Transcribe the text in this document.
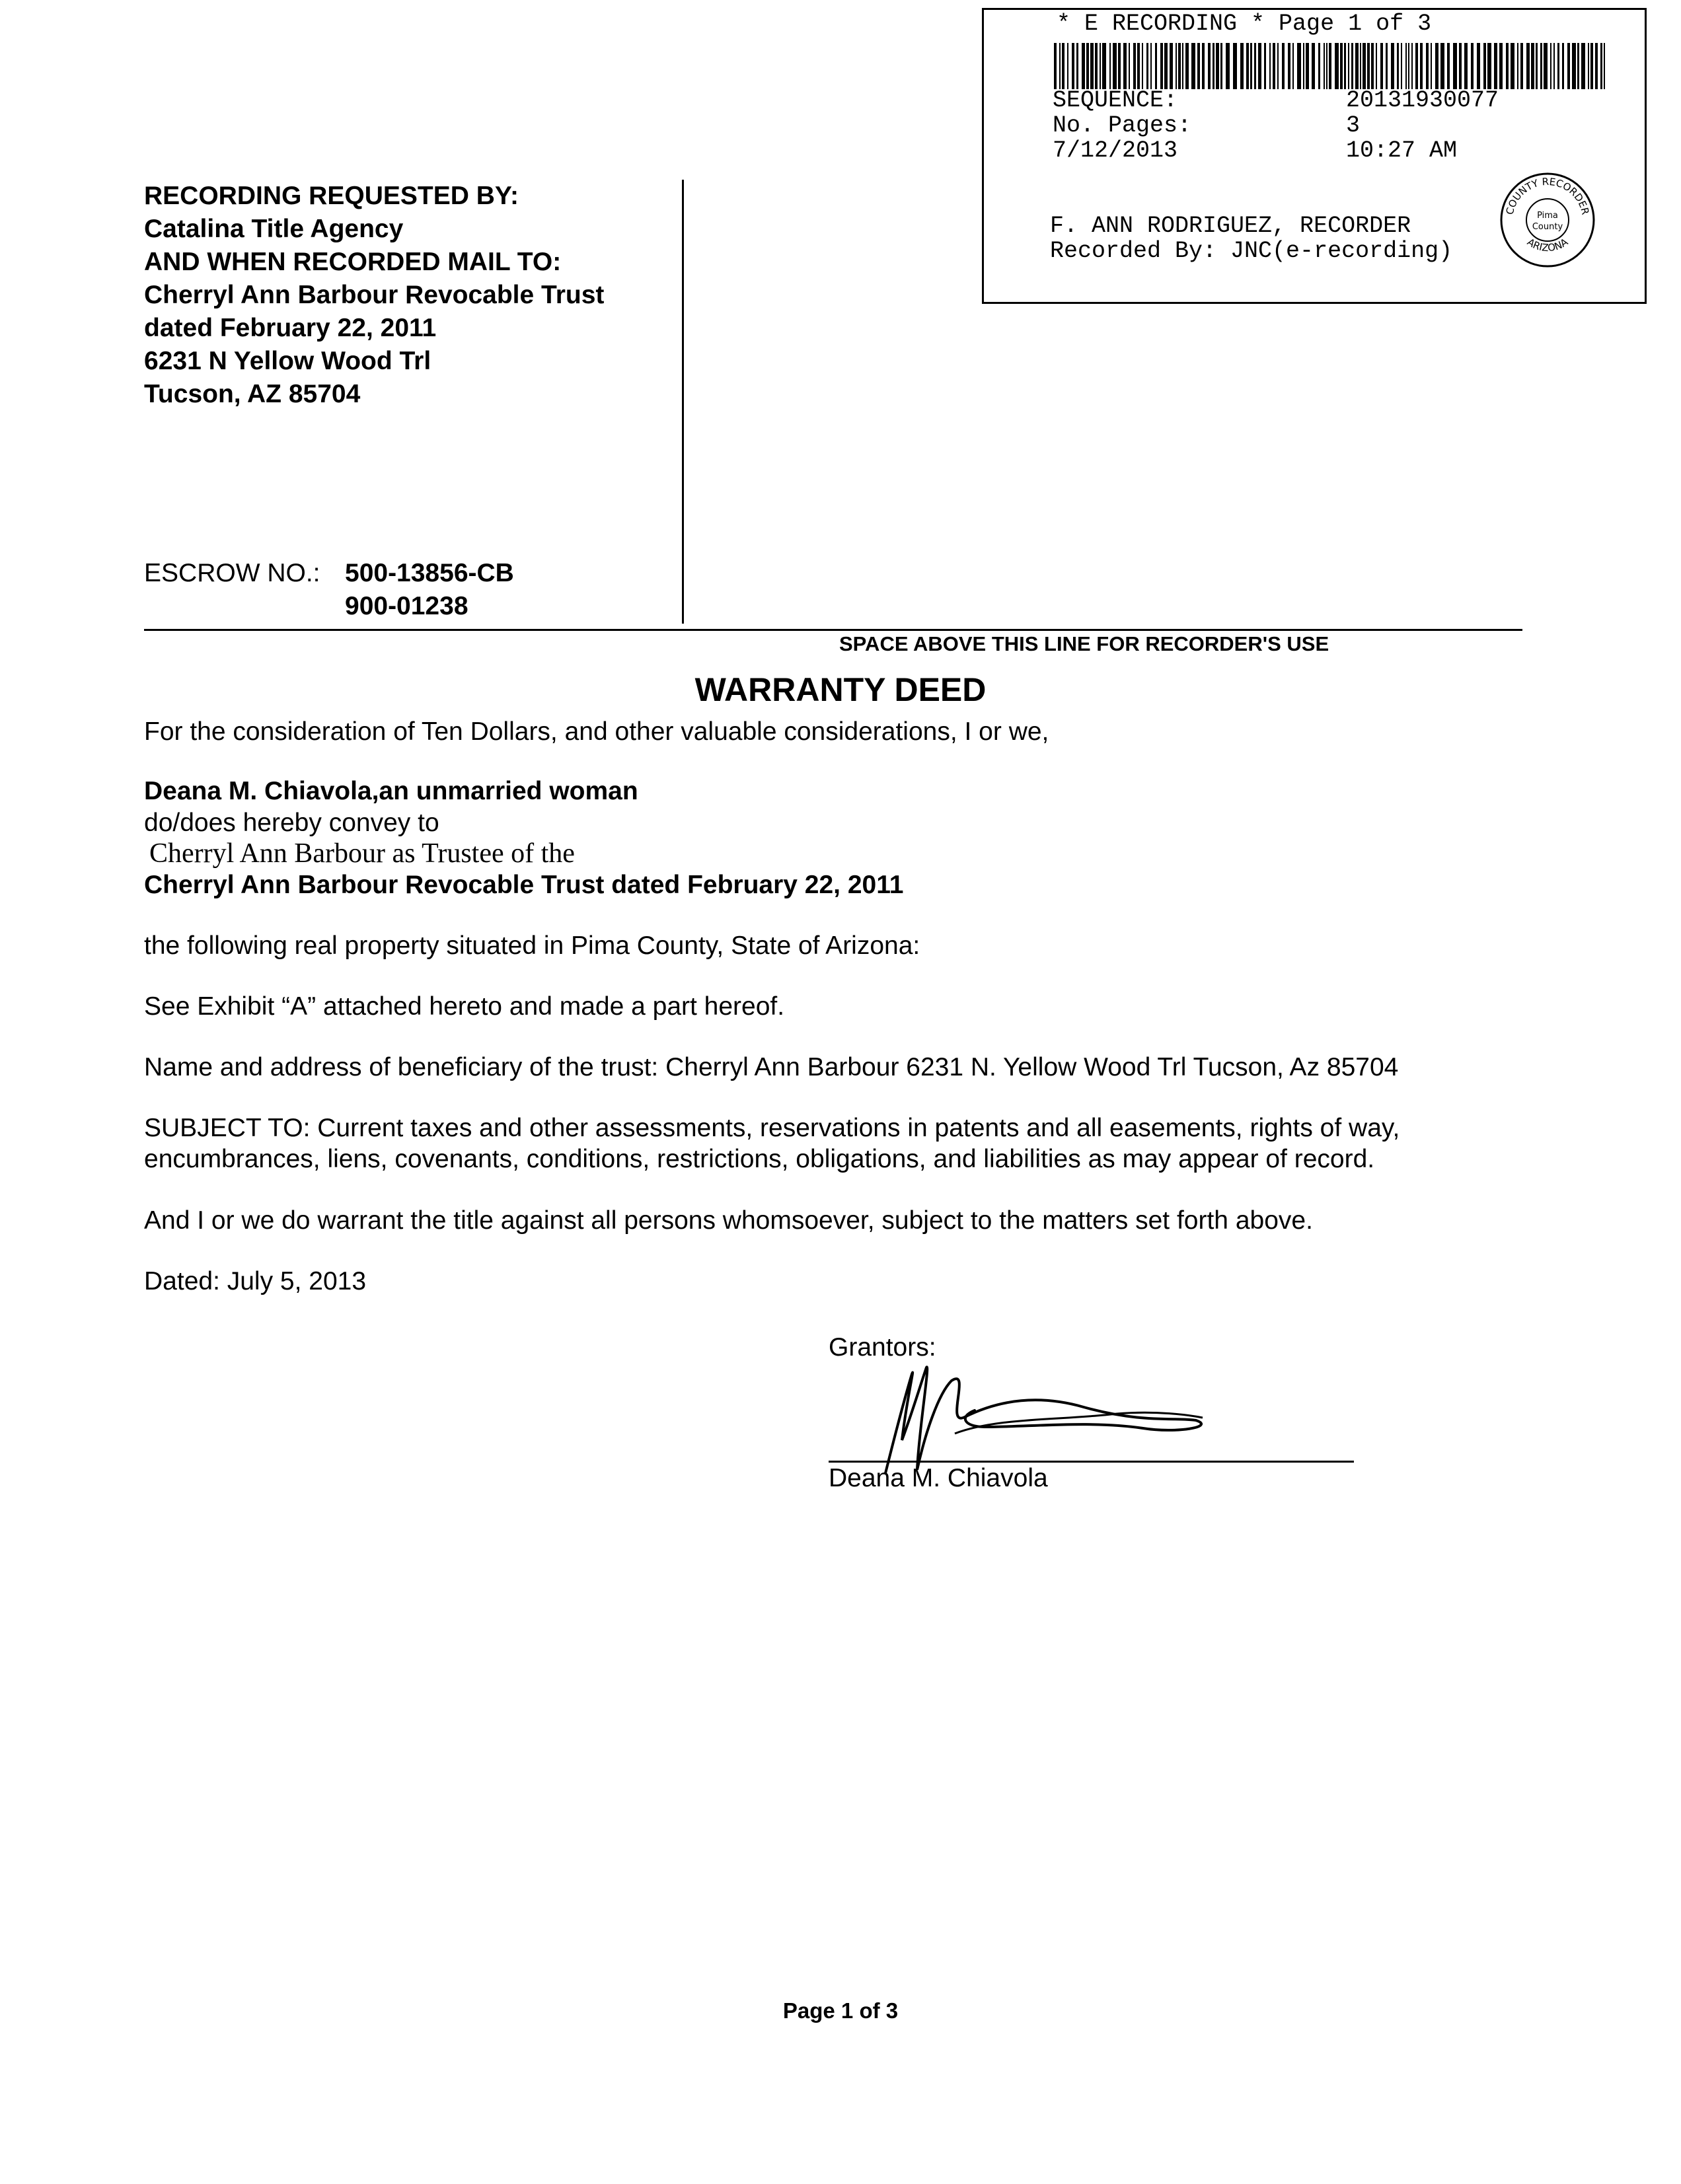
* E RECORDING * Page 1 of 3
SEQUENCE:	20131930077
No. Pages:	3
7/12/2013	10:27 AM
F. ANN RODRIGUEZ, RECORDER
Recorded By: JNC(e-recording)
COUNTY RECORDER
ARIZONA
Pima
County
RECORDING REQUESTED BY:
Catalina Title Agency
AND WHEN RECORDED MAIL TO:
Cherryl Ann Barbour Revocable Trust
dated February 22, 2011
6231 N Yellow Wood Trl
Tucson, AZ 85704
ESCROW NO.: 500-13856-CB
900-01238
SPACE ABOVE THIS LINE FOR RECORDER'S USE
WARRANTY DEED
For the consideration of Ten Dollars, and other valuable considerations, I or we,
Deana M. Chiavola,an unmarried woman
do/does hereby convey to
Cherryl Ann Barbour as Trustee of the
Cherryl Ann Barbour Revocable Trust dated February 22, 2011
the following real property situated in Pima County, State of Arizona:
See Exhibit “A” attached hereto and made a part hereof.
Name and address of beneficiary of the trust: Cherryl Ann Barbour 6231 N. Yellow Wood Trl Tucson, Az 85704
SUBJECT TO: Current taxes and other assessments, reservations in patents and all easements, rights of way,
encumbrances, liens, covenants, conditions, restrictions, obligations, and liabilities as may appear of record.
And I or we do warrant the title against all persons whomsoever, subject to the matters set forth above.
Dated: July 5, 2013
Grantors:
Deana M. Chiavola
Page 1 of 3
